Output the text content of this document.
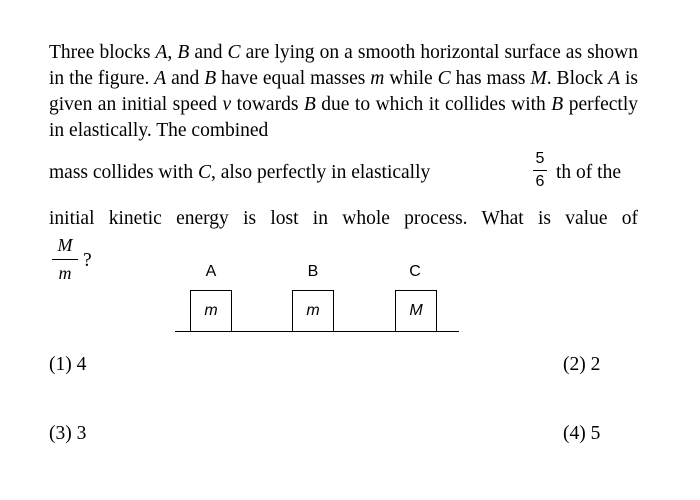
Three blocks A, B and C are lying on a smooth horizontal surface as shown in the figure. A and B have equal masses m while C has mass M. Block A is given an initial speed v towards B due to which it collides with B perfectly in elastically. The combined
mass collides with C, also perfectly in elastically
5
6 th of the
initial kinetic energy is lost in whole process. What is value of
M
m
?
A	B	C
m	m	M
(1) 4	(2) 2
(3) 3	(4) 5
